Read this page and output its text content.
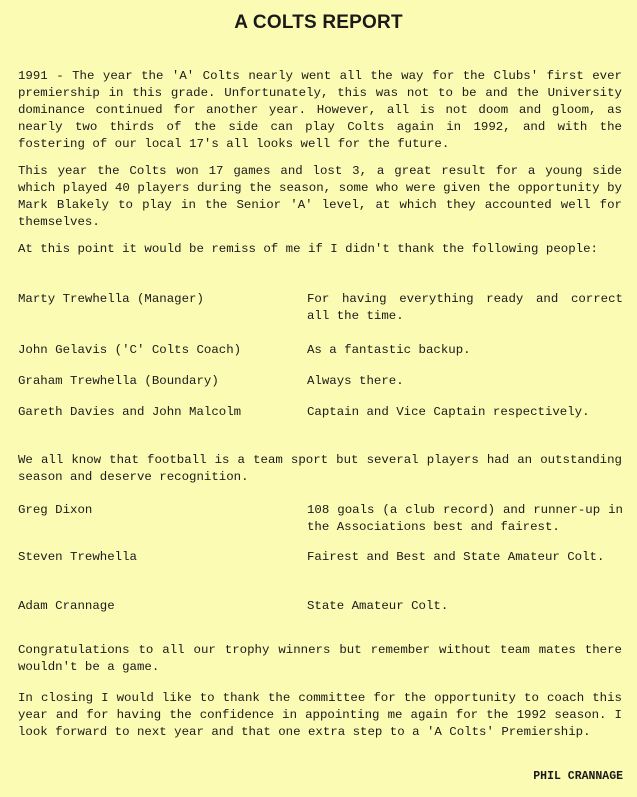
A COLTS REPORT
1991 - The year the 'A' Colts nearly went all the way for the Clubs' first ever premiership in this grade. Unfortunately, this was not to be and the University dominance continued for another year. However, all is not doom and gloom, as nearly two thirds of the side can play Colts again in 1992, and with the fostering of our local 17's all looks well for the future.
This year the Colts won 17 games and lost 3, a great result for a young side which played 40 players during the season, some who were given the opportunity by Mark Blakely to play in the Senior 'A' level, at which they accounted well for themselves.
At this point it would be remiss of me if I didn't thank the following people:
Marty Trewhella (Manager)	For having everything ready and correct all the time.
John Gelavis ('C' Colts Coach)	As a fantastic backup.
Graham Trewhella (Boundary)	Always there.
Gareth Davies and John Malcolm	Captain and Vice Captain respectively.
We all know that football is a team sport but several players had an outstanding season and deserve recognition.
Greg Dixon	108 goals (a club record) and runner-up in the Associations best and fairest.
Steven Trewhella	Fairest and Best and State Amateur Colt.
Adam Crannage	State Amateur Colt.
Congratulations to all our trophy winners but remember without team mates there wouldn't be a game.
In closing I would like to thank the committee for the opportunity to coach this year and for having the confidence in appointing me again for the 1992 season. I look forward to next year and that one extra step to a 'A Colts' Premiership.
PHIL CRANNAGE
